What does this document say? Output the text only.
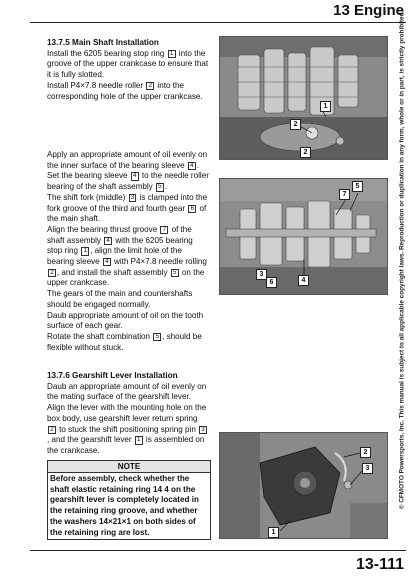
13 Engine
© CFMOTO Powersports, Inc. This manual is subject to all applicable copyright laws. Reproduction or duplication in any form, whole or in part, is strictly prohibited.

13.7.5 Main Shaft Installation

Install the 6205 bearing stop ring 1 into the groove of the upper crankcase to ensure that it is fully slotted.

Install P4×7.8 needle roller 2 into the corresponding hole of the upper crankcase.

Apply an appropriate amount of oil evenly on the inner surface of the bearing sleeve 4 .

Set the bearing sleeve 4 to the needle roller bearing of the shaft assembly 5 .

The shift fork (middle) 3 is clamped into the fork groove of the third and fourth gear 6 of the main shaft.

Align the bearing thrust groove 7 of the shaft assembly 4 with the 6205 bearing stop ring 1 , align the limit hole of the bearing sleeve 4 with P4×7.8 needle rolling 2 , and install the shaft assembly 5 on the upper crankcase.

The gears of the main and countershafts should be engaged normally.

Daub appropriate amount of oil on the tooth surface of each gear.

Rotate the shaft combination 5 , should be flexible without stuck.

13.7.6 Gearshift Lever Installation

Daub an appropriate amount of oil evenly on the mating surface of the gearshift lever.

Align the lever with the mounting hole on the box body, use gearshift lever return spring 2 to stuck the shift positioning spring pin 3, and the gearshift lever 1 is assembled on the crankcase.

NOTE
Before assembly, check whether the shaft elastic retaining ring 14 4 on the gearshift lever is completely located in the retaining ring groove, and whether the washers 14×21×1 on both sides of the retaining ring are lost.
1
2
2
7
5
4
6
3
2
3
1
13-111
